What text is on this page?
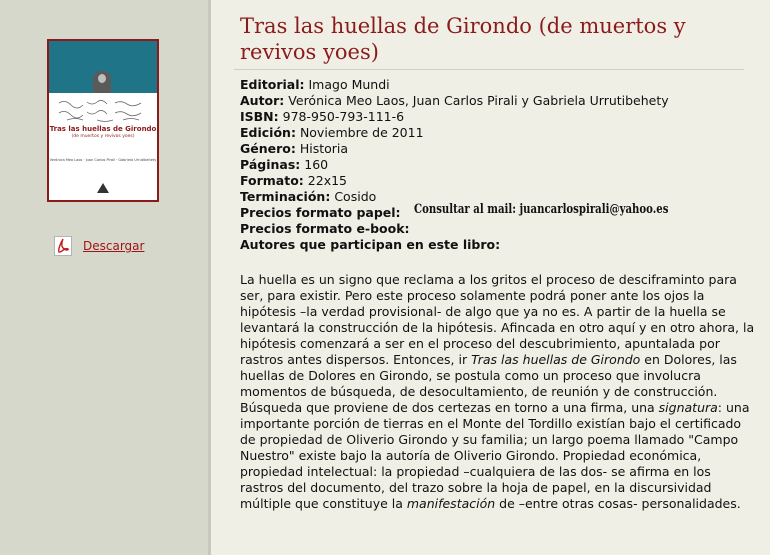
Tras las huellas de Girondo
(de muertos y revivos yoes)
Verónica Meo Laos · Juan Carlos Pirali · Gabriela Urrutibehety
Descargar
Tras las huellas de Girondo (de muertos y revivos yoes)
Editorial: Imago Mundi
Autor: Verónica Meo Laos, Juan Carlos Pirali y Gabriela Urrutibehety
ISBN: 978-950-793-111-6
Edición: Noviembre de 2011
Género: Historia
Páginas: 160
Formato: 22x15
Terminación: Cosido
Precios formato papel:
Precios formato e-book:
Autores que participan en este libro:
Consultar al mail: juancarlospirali@yahoo.es

La huella es un signo que reclama a los gritos el proceso de desciframinto para ser, para existir. Pero este proceso solamente podrá poner ante los ojos la hipótesis –la verdad provisional- de algo que ya no es. A partir de la huella se levantará la construcción de la hipótesis. Afincada en otro aquí y en otro ahora, la hipótesis comenzará a ser en el proceso del descubrimiento, apuntalada por rastros antes dispersos. Entonces, ir Tras las huellas de Girondo en Dolores, las huellas de Dolores en Girondo, se postula como un proceso que involucra momentos de búsqueda, de desocultamiento, de reunión y de construcción. Búsqueda que proviene de dos certezas en torno a una firma, una signatura: una importante porción de tierras en el Monte del Tordillo existían bajo el certificado de propiedad de Oliverio Girondo y su familia; un largo poema llamado "Campo Nuestro" existe bajo la autoría de Oliverio Girondo. Propiedad económica, propiedad intelectual: la propiedad –cualquiera de las dos- se afirma en los rastros del documento, del trazo sobre la hoja de papel, en la discursividad múltiple que constituye la manifestación de –entre otras cosas- personalidades.
